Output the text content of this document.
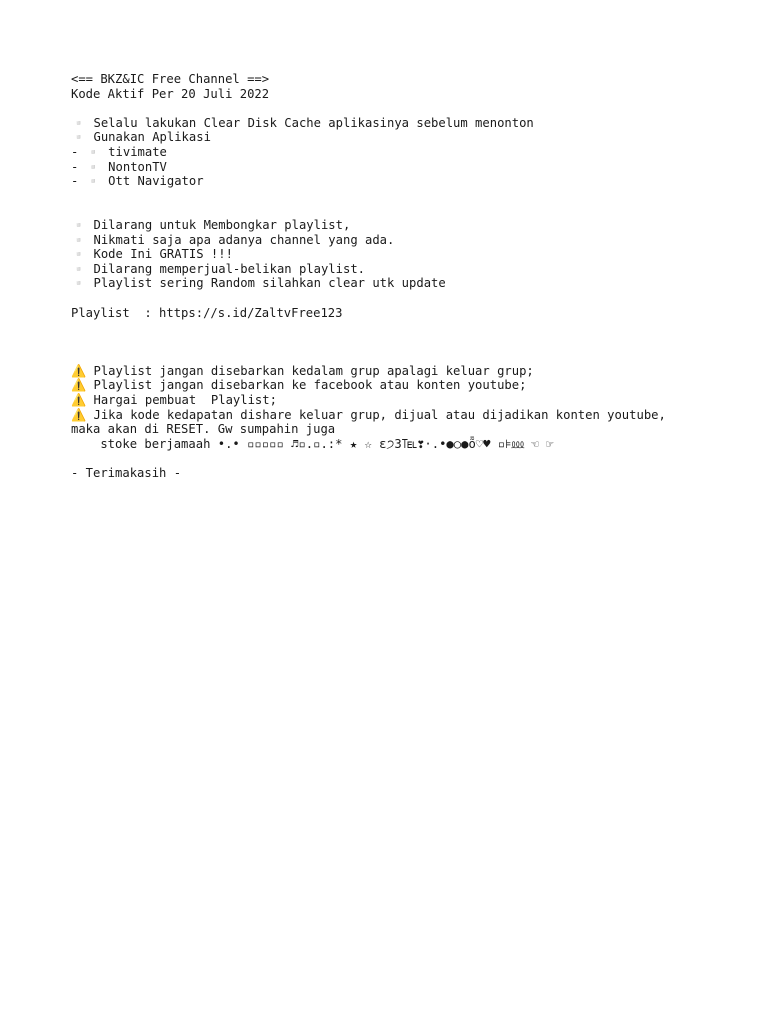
<== BKZ&IC Free Channel ==>
Kode Aktif Per 20 Juli 2022
▫️ Selalu lakukan Clear Disk Cache aplikasinya sebelum menonton
▫️ Gunakan Aplikasi
- ▫️ tivimate
- ▫️ NontonTV
- ▫️ Ott Navigator
▫️ Dilarang untuk Membongkar playlist,
▫️ Nikmati saja apa adanya channel yang ada.
▫️ Kode Ini GRATIS !!!
▫️ Dilarang memperjual-belikan playlist.
▫️ Playlist sering Random silahkan clear utk update
Playlist  : https://s.id/ZaltvFree123
⚠️ Playlist jangan disebarkan kedalam grup apalagi keluar grup;
⚠️ Playlist jangan disebarkan ke facebook atau konten youtube;
⚠️ Hargai pembuat  Playlist;
⚠️ Jika kode kedapatan dishare keluar grup, dijual atau dijadikan konten youtube,
maka akan di RESET. Gw sumpahin juga
stoke berjamaah •.• ▫▫▫▫▫ ♬▫.▫.:* ★ ☆ ε੭3℡❣·.•●○●ȭ♡♥ ▫⊧⅏ ☜ ☞
- Terimakasih -
